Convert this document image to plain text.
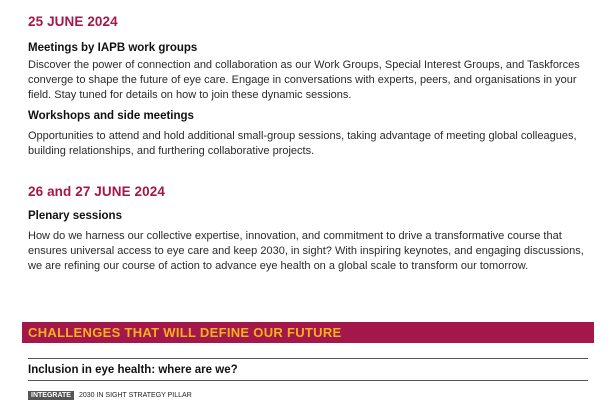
25 JUNE 2024
Meetings by IAPB work groups
Discover the power of connection and collaboration as our Work Groups, Special Interest Groups, and Taskforces converge to shape the future of eye care. Engage in conversations with experts, peers, and organisations in your field. Stay tuned for details on how to join these dynamic sessions.
Workshops and side meetings
Opportunities to attend and hold additional small-group sessions, taking advantage of meeting global colleagues, building relationships, and furthering collaborative projects.
26 and 27 JUNE 2024
Plenary sessions
How do we harness our collective expertise, innovation, and commitment to drive a transformative course that ensures universal access to eye care and keep 2030, in sight? With inspiring keynotes, and engaging discussions, we are refining our course of action to advance eye health on a global scale to transform our tomorrow.
CHALLENGES THAT WILL DEFINE OUR FUTURE
Inclusion in eye health: where are we?
INTEGRATE	2030 IN SIGHT STRATEGY PILLAR
